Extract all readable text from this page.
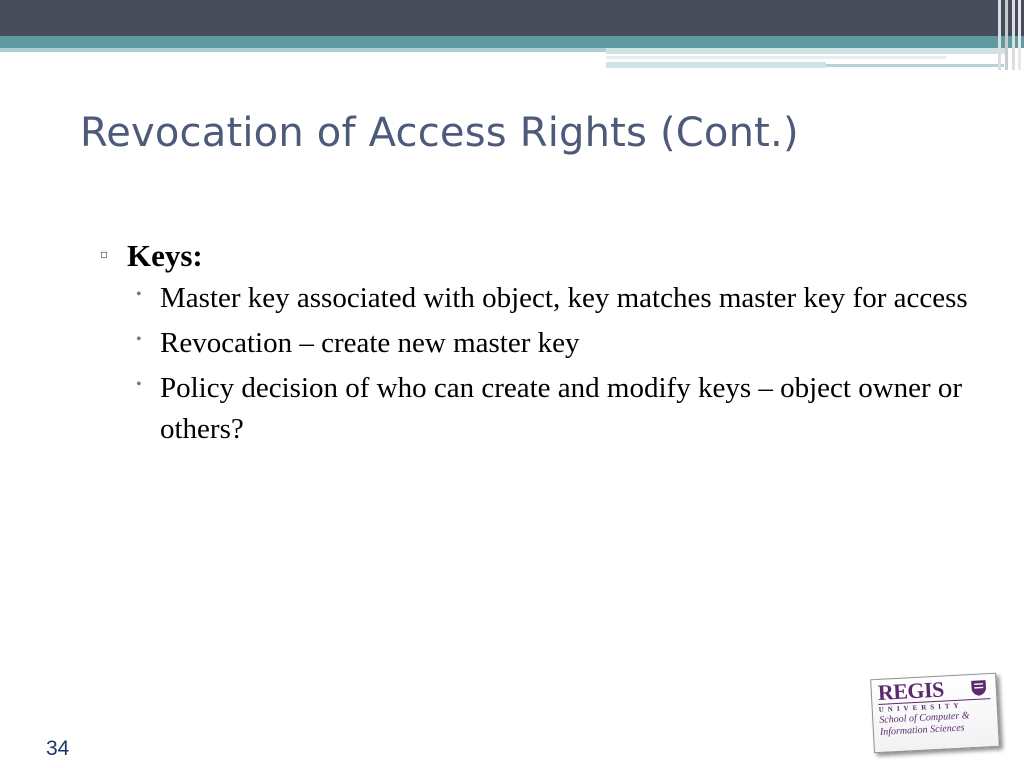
Revocation of Access Rights (Cont.)
▫ Keys:
• Master key associated with object, key matches master key for access
• Revocation – create new master key
• Policy decision of who can create and modify keys – object owner or others?
34
REGIS
UNIVERSITY
School of Computer &
Information Sciences
